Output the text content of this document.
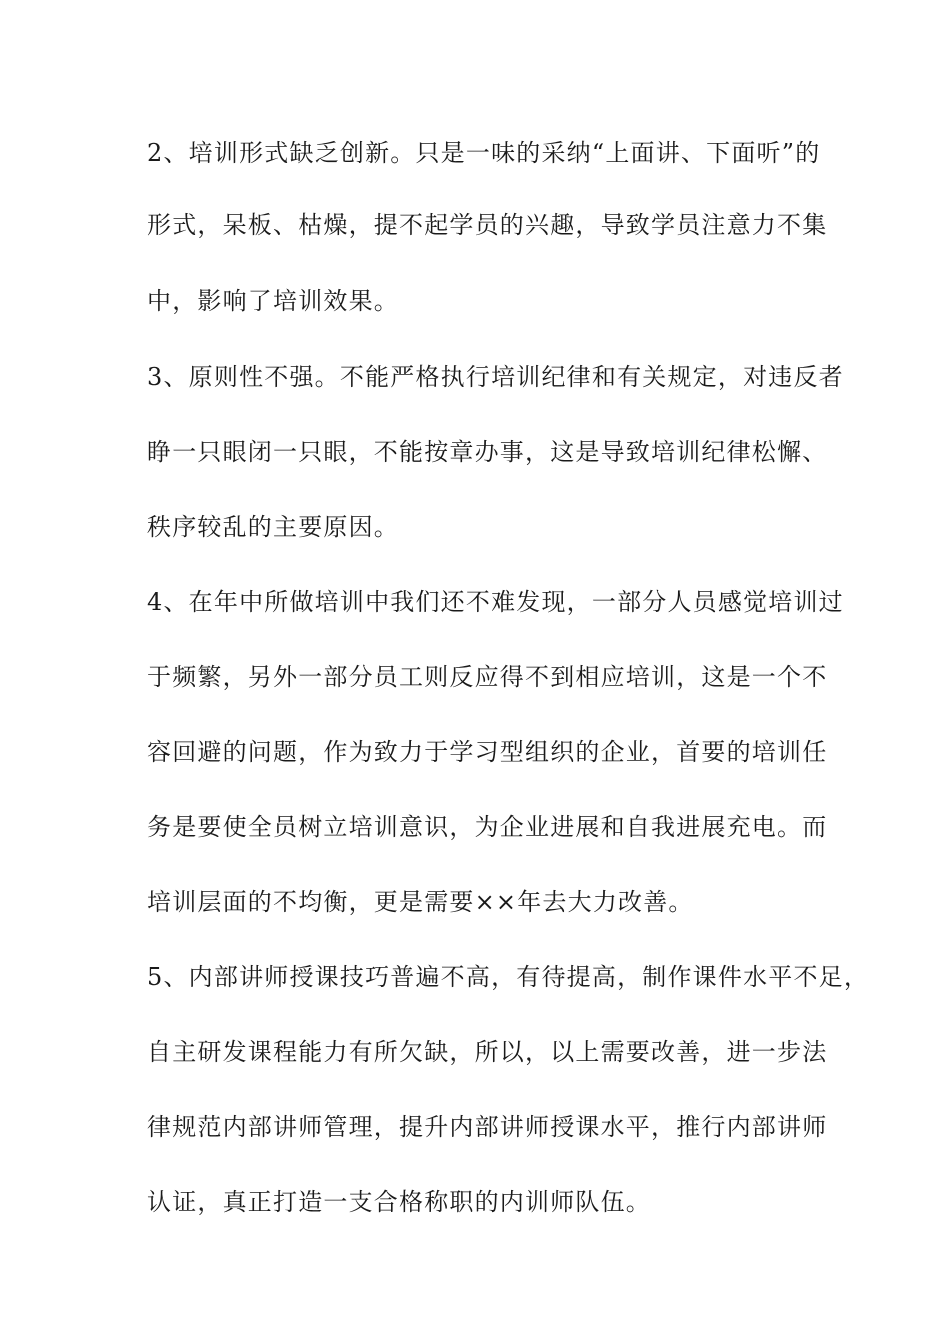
2、培训形式缺乏创新。只是一味的采纳“上面讲、下面听”的
形式，呆板、枯燥，提不起学员的兴趣，导致学员注意力不集
中，影响了培训效果。
3、原则性不强。不能严格执行培训纪律和有关规定，对违反者
睁一只眼闭一只眼，不能按章办事，这是导致培训纪律松懈、
秩序较乱的主要原因。
4、在年中所做培训中我们还不难发现，一部分人员感觉培训过
于频繁，另外一部分员工则反应得不到相应培训，这是一个不
容回避的问题，作为致力于学习型组织的企业，首要的培训任
务是要使全员树立培训意识，为企业进展和自我进展充电。而
培训层面的不均衡，更是需要××年去大力改善。
5、内部讲师授课技巧普遍不高，有待提高，制作课件水平不足，
自主研发课程能力有所欠缺，所以，以上需要改善，进一步法
律规范内部讲师管理，提升内部讲师授课水平，推行内部讲师
认证，真正打造一支合格称职的内训师队伍。
